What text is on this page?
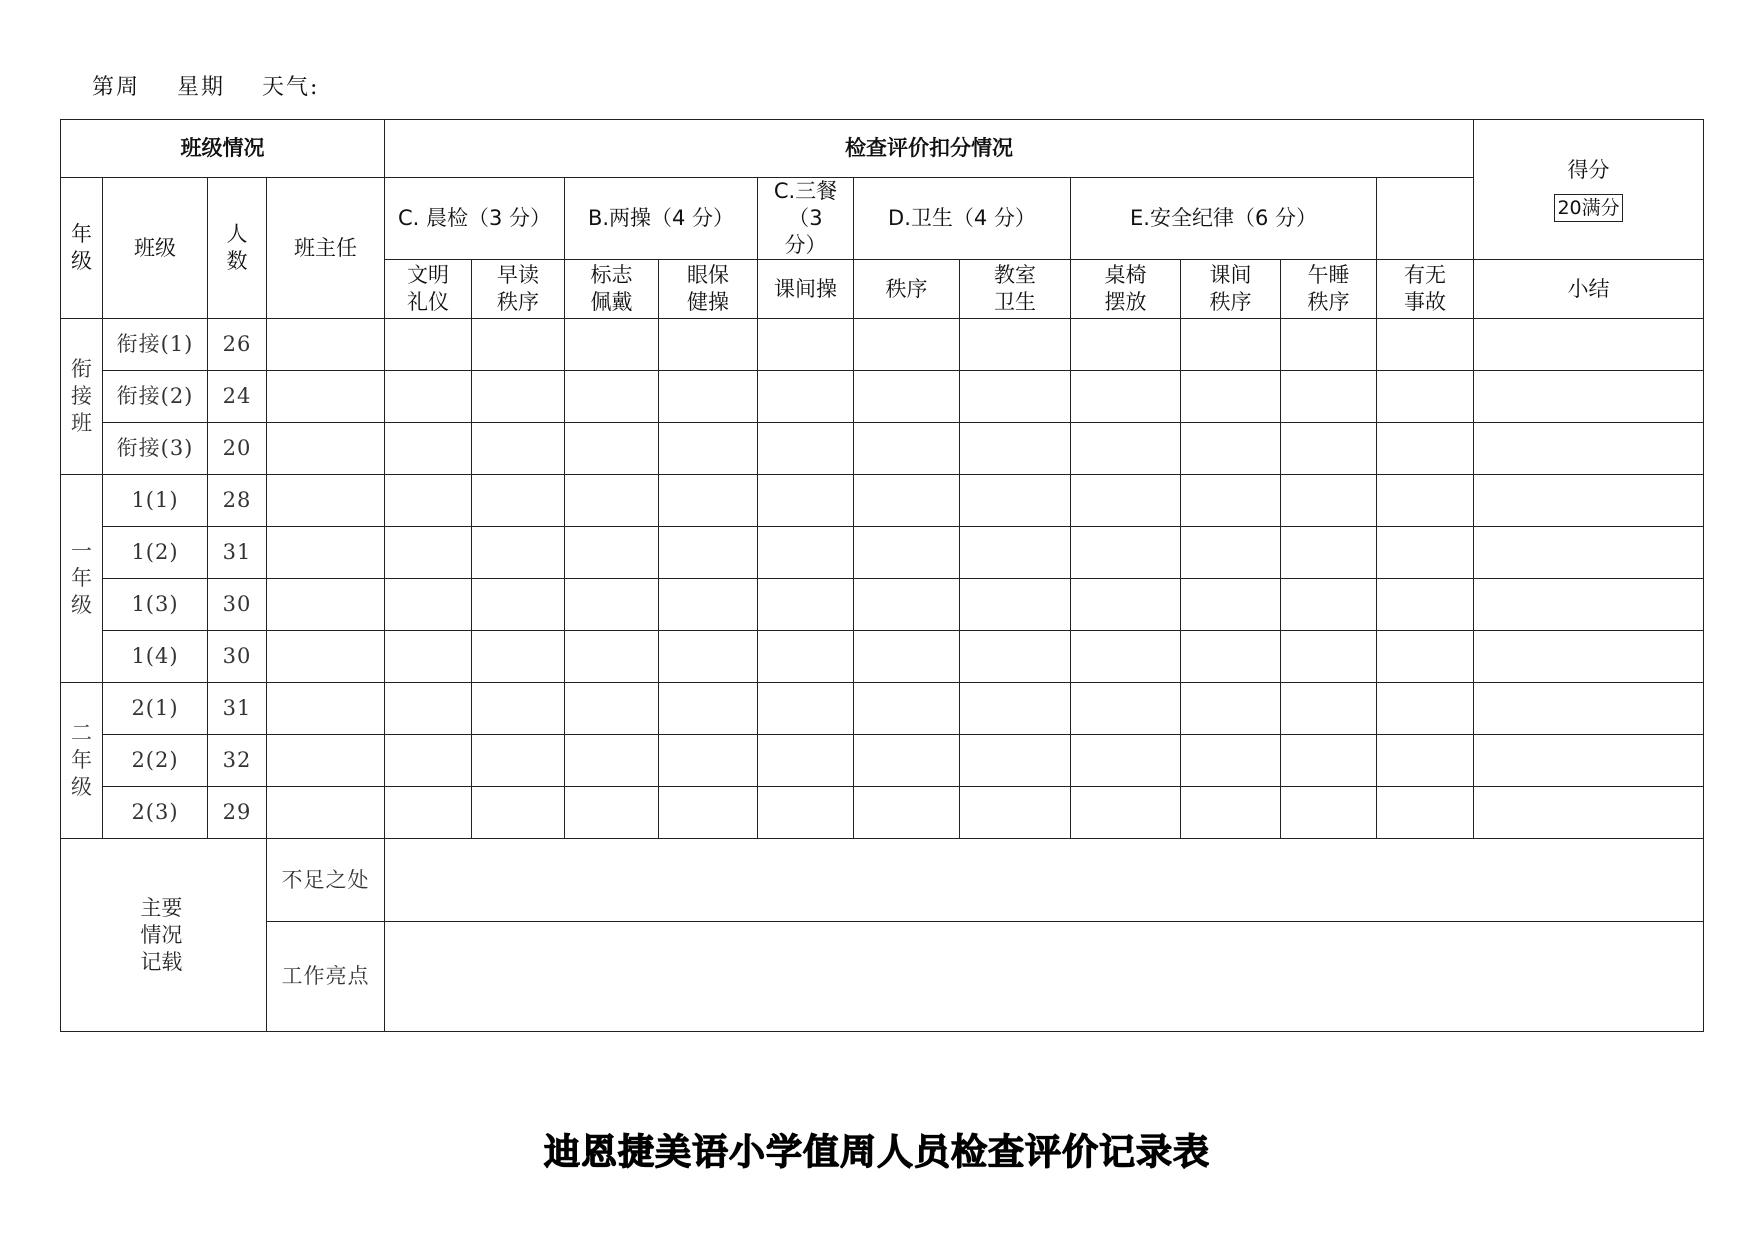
第周 星期 天气:
班级情况				检查评价扣分情况											得分
20满分
年级	班级	人数	班主任	C. 晨检（3 分）		B.两操（4 分）		C.三餐（3 分）	D.卫生（4 分）		E.安全纪律（6 分）				
				文明礼仪	早读秩序	标志佩戴	眼保健操	课间操	秩序	教室卫生	桌椅摆放	课间秩序	午睡秩序	有无事故	小结
衔接班	衔接(1)	26													
	衔接(2)	24													
	衔接(3)	20													
一年级	1(1)	28													
	1(2)	31													
	1(3)	30													
	1(4)	30													
二年级	2(1)	31													
	2(2)	32													
	2(3)	29													
主要情况记载			不足之处												
			工作亮点												
迪恩捷美语小学值周人员检查评价记录表
